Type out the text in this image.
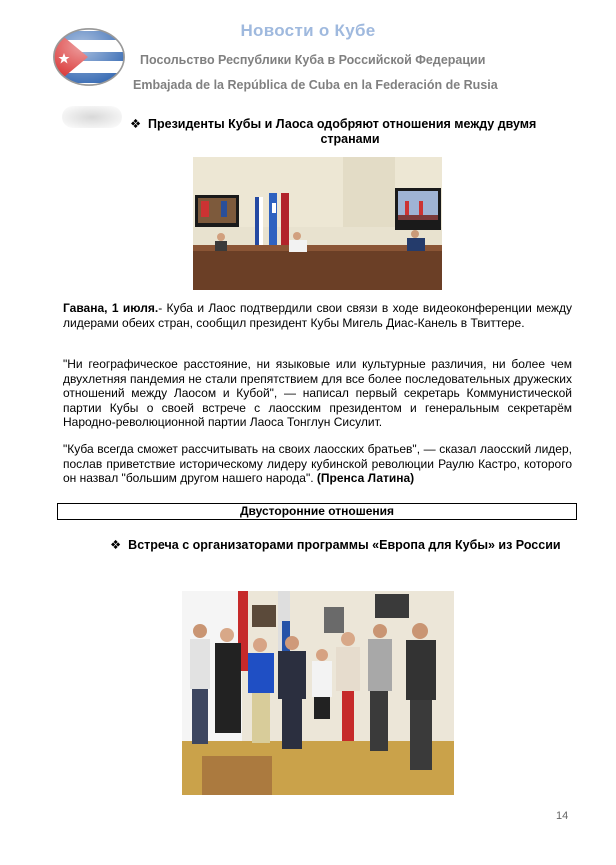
Новости о Кубе
Посольство Республики Куба в Российской Федерации
Embajada de la República de Cuba en la Federación de Rusia
❖ Президенты Кубы и Лаоса одобряют отношения между двумя
странами
Гавана, 1 июля.- Куба и Лаос подтвердили свои связи в ходе видеоконференции между лидерами обеих стран, сообщил президент Кубы Мигель Диас-Канель в Твиттере.
"Ни географическое расстояние, ни языковые или культурные различия, ни более чем двухлетняя пандемия не стали препятствием для все более последовательных дружеских отношений между Лаосом и Кубой", — написал первый секретарь Коммунистической партии Кубы о своей встрече с лаосским президентом и генеральным секретарём Народно-революционной партии Лаоса Тонглун Сисулит.
"Куба всегда сможет рассчитывать на своих лаосских братьев", — сказал лаосский лидер, послав приветствие историческому лидеру кубинской революции Раулю Кастро, которого он назвал "большим другом нашего народа". (Пренса Латина)
Двусторонние отношения
❖ Встреча с организаторами программы «Европа для Кубы» из России
14
